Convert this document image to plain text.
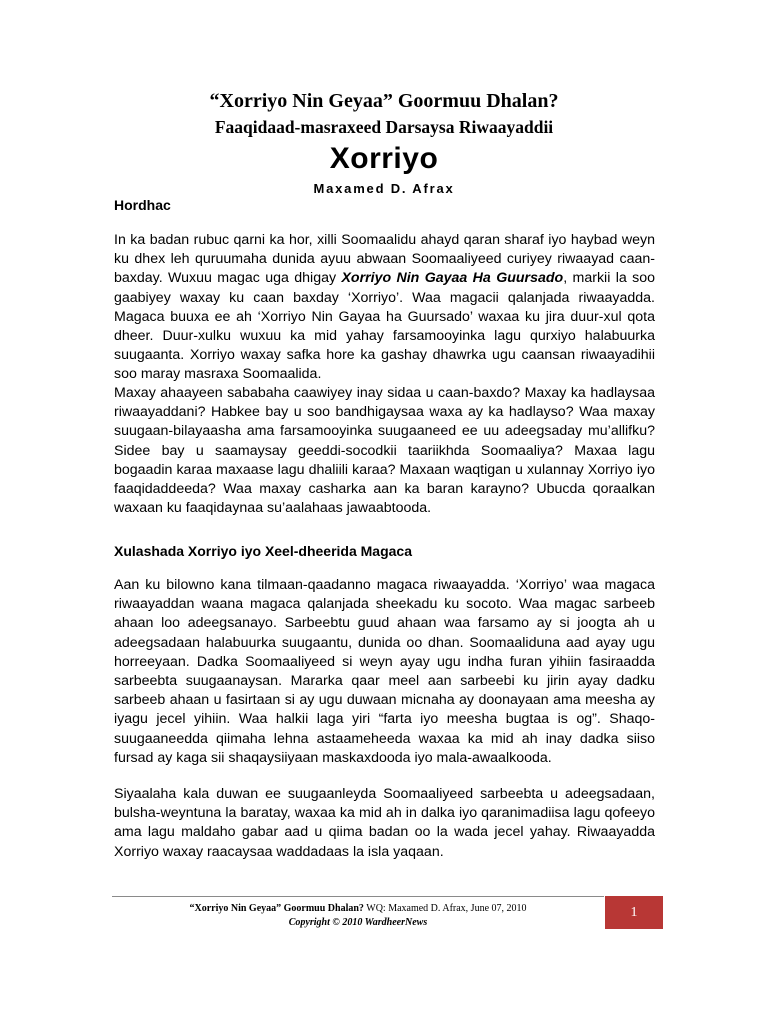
“Xorriyo Nin Geyaa” Goormuu Dhalan?
Faaqidaad-masraxeed Darsaysa Riwaayaddii
Xorriyo
Maxamed D. Afrax
Hordhac
In ka badan rubuc qarni ka hor, xilli Soomaalidu ahayd qaran sharaf iyo haybad weyn ku dhex leh quruumaha dunida ayuu abwaan Soomaaliyeed curiyey riwaayad caan-baxday. Wuxuu magac uga dhigay Xorriyo Nin Gayaa Ha Guursado, markii la soo gaabiyey waxay ku caan baxday ‘Xorriyo’. Waa magacii qalanjada riwaayadda. Magaca buuxa ee ah ‘Xorriyo Nin Gayaa ha Guursado’ waxaa ku jira duur-xul qota dheer. Duur-xulku wuxuu ka mid yahay farsamooyinka lagu qurxiyo halabuurka suugaanta. Xorriyo waxay safka hore ka gashay dhawrka ugu caansan riwaayadihii soo maray masraxa Soomaalida.
Maxay ahaayeen sababaha caawiyey inay sidaa u caan-baxdo? Maxay ka hadlaysaa riwaayaddani? Habkee bay u soo bandhigaysaa waxa ay ka hadlayso? Waa maxay suugaan-bilayaasha ama farsamooyinka suugaaneed ee uu adeegsaday mu’allifku? Sidee bay u saamaysay geeddi-socodkii taariikhda Soomaaliya? Maxaa lagu bogaadin karaa maxaase lagu dhaliili karaa? Maxaan waqtigan u xulannay Xorriyo iyo faaqidaddeeda? Waa maxay casharka aan ka baran karayno? Ubucda qoraalkan waxaan ku faaqidaynaa su’aalahaas jawaabtooda.
Xulashada Xorriyo iyo Xeel-dheerida Magaca
Aan ku bilowno kana tilmaan-qaadanno magaca riwaayadda. ‘Xorriyo’ waa magaca riwaayaddan waana magaca qalanjada sheekadu ku socoto. Waa magac sarbeeb ahaan loo adeegsanayo. Sarbeebtu guud ahaan waa farsamo ay si joogta ah u adeegsadaan halabuurka suugaantu, dunida oo dhan. Soomaaliduna aad ayay ugu horreeyaan. Dadka Soomaaliyeed si weyn ayay ugu indha furan yihiin fasiraadda sarbeebta suugaanaysan. Mararka qaar meel aan sarbeebi ku jirin ayay dadku sarbeeb ahaan u fasirtaan si ay ugu duwaan micnaha ay doonayaan ama meesha ay iyagu jecel yihiin. Waa halkii laga yiri “farta iyo meesha bugtaa is og”. Shaqo-suugaaneedda qiimaha lehna astaameheeda waxaa ka mid ah inay dadka siiso fursad ay kaga sii shaqaysiiyaan maskaxdooda iyo mala-awaalkooda.
Siyaalaha kala duwan ee suugaanleyda Soomaaliyeed sarbeebta u adeegsadaan, bulsha-weyntuna la baratay, waxaa ka mid ah in dalka iyo qaranimadiisa lagu qofeeyo ama lagu maldaho gabar aad u qiima badan oo la wada jecel yahay. Riwaayadda Xorriyo waxay raacaysaa waddadaas la isla yaqaan.
“Xorriyo Nin Geyaa” Goormuu Dhalan? WQ: Maxamed D. Afrax, June 07, 2010
Copyright © 2010 WardheerNews
1
